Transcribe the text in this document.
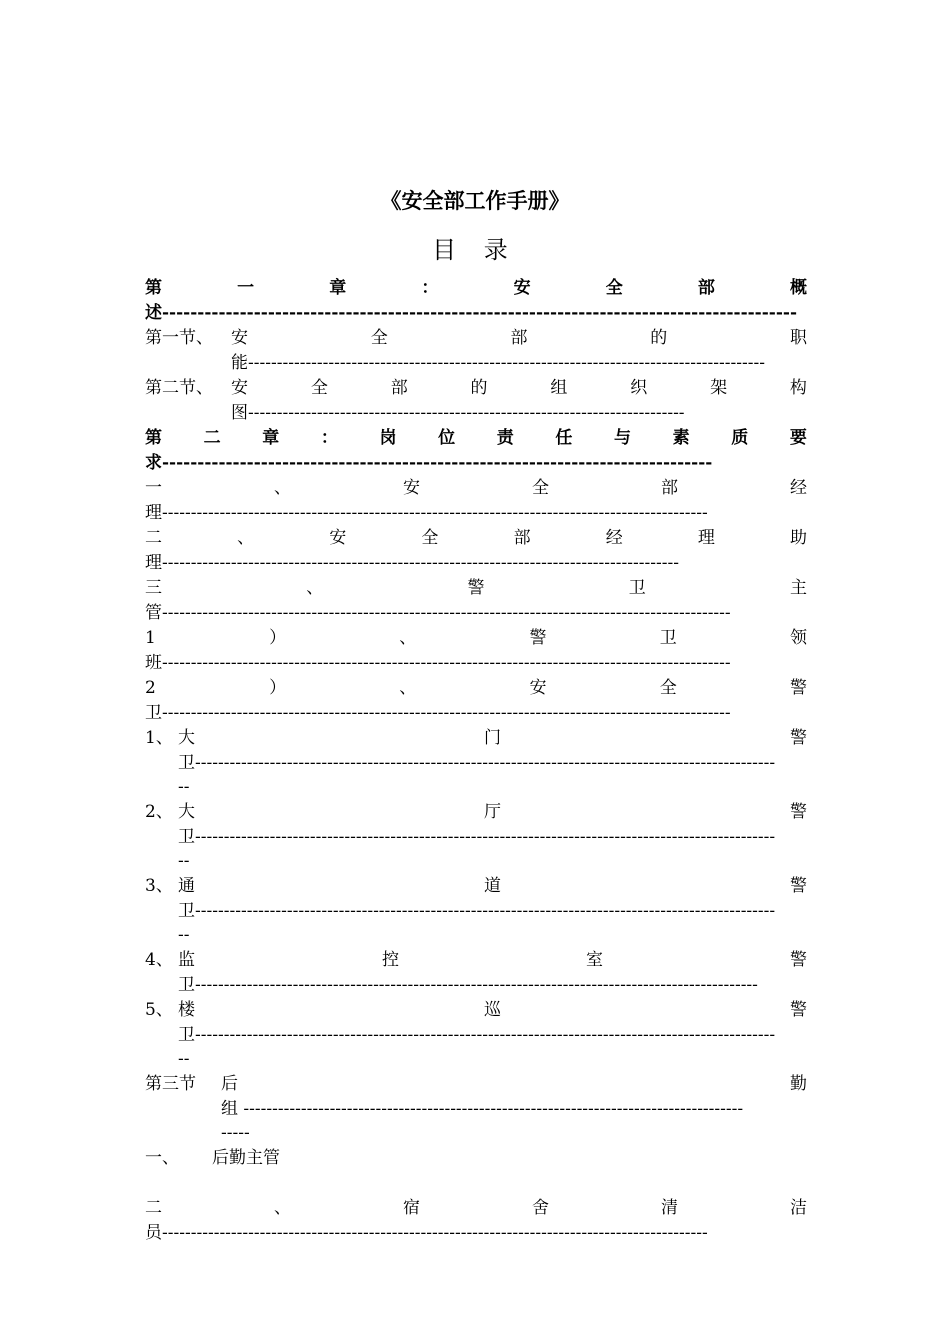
《安全部工作手册》
目 录
第	一	章	：	安	全	部	概
述------------------------------------------------------------------------------------------
第一节、 安	全	部	的	职
能------------------------------------------------------------------------------------------
第二节、 安	全	部	的	组	织	架	构
图----------------------------------------------------------------------------
第 二 章 ： 岗 位 责 任 与 素 质 要
求------------------------------------------------------------------------------
一	、	安	全	部	经
理-----------------------------------------------------------------------------------------------
二	、	安	全	部	经	理	助
理------------------------------------------------------------------------------------------
三	、	警	卫	主
管---------------------------------------------------------------------------------------------------
1	）	、	警	卫	领
班---------------------------------------------------------------------------------------------------
2	）	、	安	全	警
卫---------------------------------------------------------------------------------------------------
1、 大	门	警
卫-----------------------------------------------------------------------------------------------------
--
2、 大	厅	警
卫-----------------------------------------------------------------------------------------------------
--
3、 通	道	警
卫-----------------------------------------------------------------------------------------------------
--
4、 监	控	室	警
卫--------------------------------------------------------------------------------------------------
5、 楼	巡	警
卫-----------------------------------------------------------------------------------------------------
--
第三节 后	勤
组 ---------------------------------------------------------------------------------------
-----
一、 后勤主管
二	、	宿	舍	清	洁
员-----------------------------------------------------------------------------------------------
